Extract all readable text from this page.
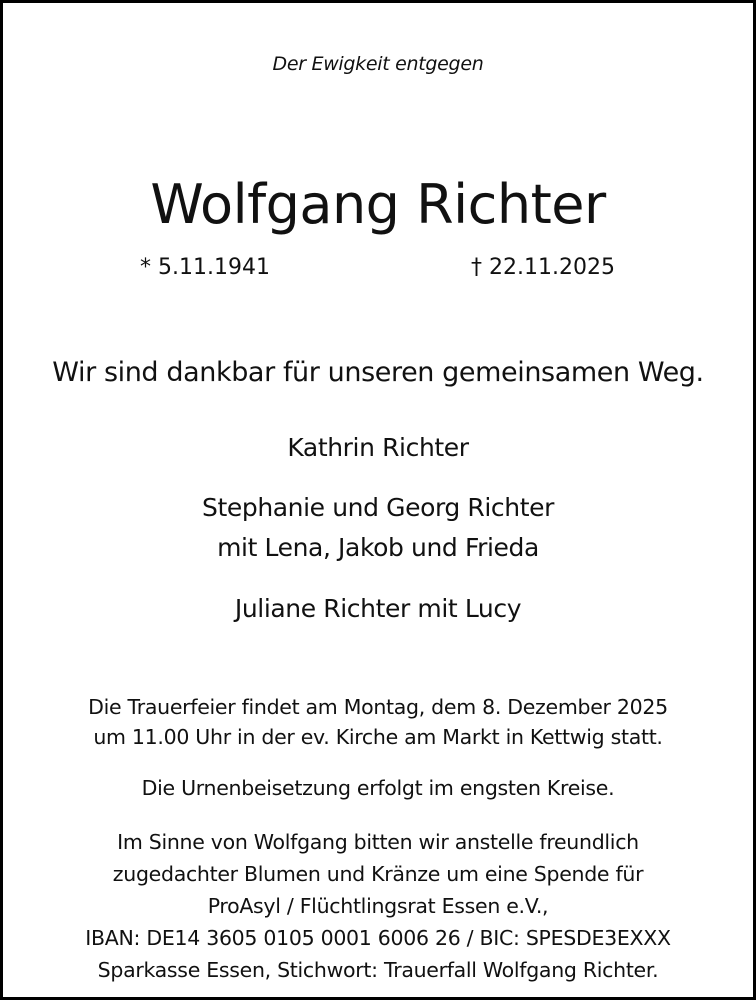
Der Ewigkeit entgegen
Wolfgang Richter
* 5.11.1941	† 22.11.2025
Wir sind dankbar für unseren gemeinsamen Weg.
Kathrin Richter
Stephanie und Georg Richter
mit Lena, Jakob und Frieda
Juliane Richter mit Lucy
Die Trauerfeier findet am Montag, dem 8. Dezember 2025
um 11.00 Uhr in der ev. Kirche am Markt in Kettwig statt.
Die Urnenbeisetzung erfolgt im engsten Kreise.
Im Sinne von Wolfgang bitten wir anstelle freundlich
zugedachter Blumen und Kränze um eine Spende für
ProAsyl / Flüchtlingsrat Essen e.V.,
IBAN: DE14 3605 0105 0001 6006 26 / BIC: SPESDE3EXXX
Sparkasse Essen, Stichwort: Trauerfall Wolfgang Richter.
